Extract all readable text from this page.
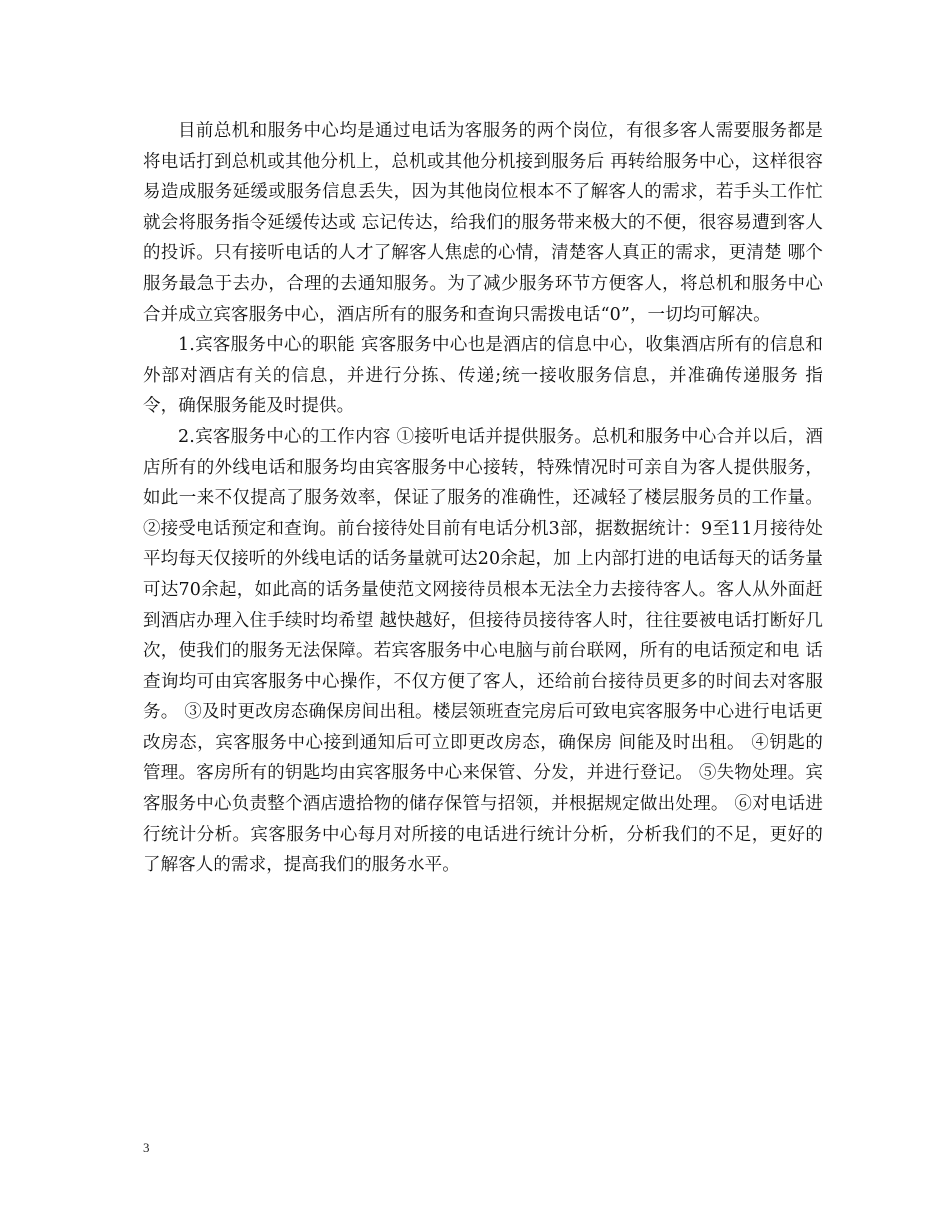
目前总机和服务中心均是通过电话为客服务的两个岗位，有很多客人需要服务都是将电话打到总机或其他分机上，总机或其他分机接到服务后 再转给服务中心，这样很容易造成服务延缓或服务信息丢失，因为其他岗位根本不了解客人的需求，若手头工作忙就会将服务指令延缓传达或 忘记传达，给我们的服务带来极大的不便，很容易遭到客人的投诉。只有接听电话的人才了解客人焦虑的心情，清楚客人真正的需求，更清楚 哪个服务最急于去办，合理的去通知服务。为了减少服务环节方便客人，将总机和服务中心合并成立宾客服务中心，酒店所有的服务和查询只需拨电话“0”，一切均可解决。

1.宾客服务中心的职能 宾客服务中心也是酒店的信息中心，收集酒店所有的信息和外部对酒店有关的信息，并进行分拣、传递;统一接收服务信息，并准确传递服务 指令，确保服务能及时提供。

2.宾客服务中心的工作内容 ①接听电话并提供服务。总机和服务中心合并以后，酒店所有的外线电话和服务均由宾客服务中心接转，特殊情况时可亲自为客人提供服务， 如此一来不仅提高了服务效率，保证了服务的准确性，还减轻了楼层服务员的工作量。 ②接受电话预定和查询。前台接待处目前有电话分机3部，据数据统计：9至11月接待处平均每天仅接听的外线电话的话务量就可达20余起，加 上内部打进的电话每天的话务量可达70余起，如此高的话务量使范文网接待员根本无法全力去接待客人。客人从外面赶到酒店办理入住手续时均希望 越快越好，但接待员接待客人时，往往要被电话打断好几次，使我们的服务无法保障。若宾客服务中心电脑与前台联网，所有的电话预定和电 话查询均可由宾客服务中心操作，不仅方便了客人，还给前台接待员更多的时间去对客服务。 ③及时更改房态确保房间出租。楼层领班查完房后可致电宾客服务中心进行电话更改房态，宾客服务中心接到通知后可立即更改房态，确保房 间能及时出租。 ④钥匙的管理。客房所有的钥匙均由宾客服务中心来保管、分发，并进行登记。 ⑤失物处理。宾客服务中心负责整个酒店遗拾物的储存保管与招领，并根据规定做出处理。 ⑥对电话进行统计分析。宾客服务中心每月对所接的电话进行统计分析，分析我们的不足，更好的了解客人的需求，提高我们的服务水平。

3
